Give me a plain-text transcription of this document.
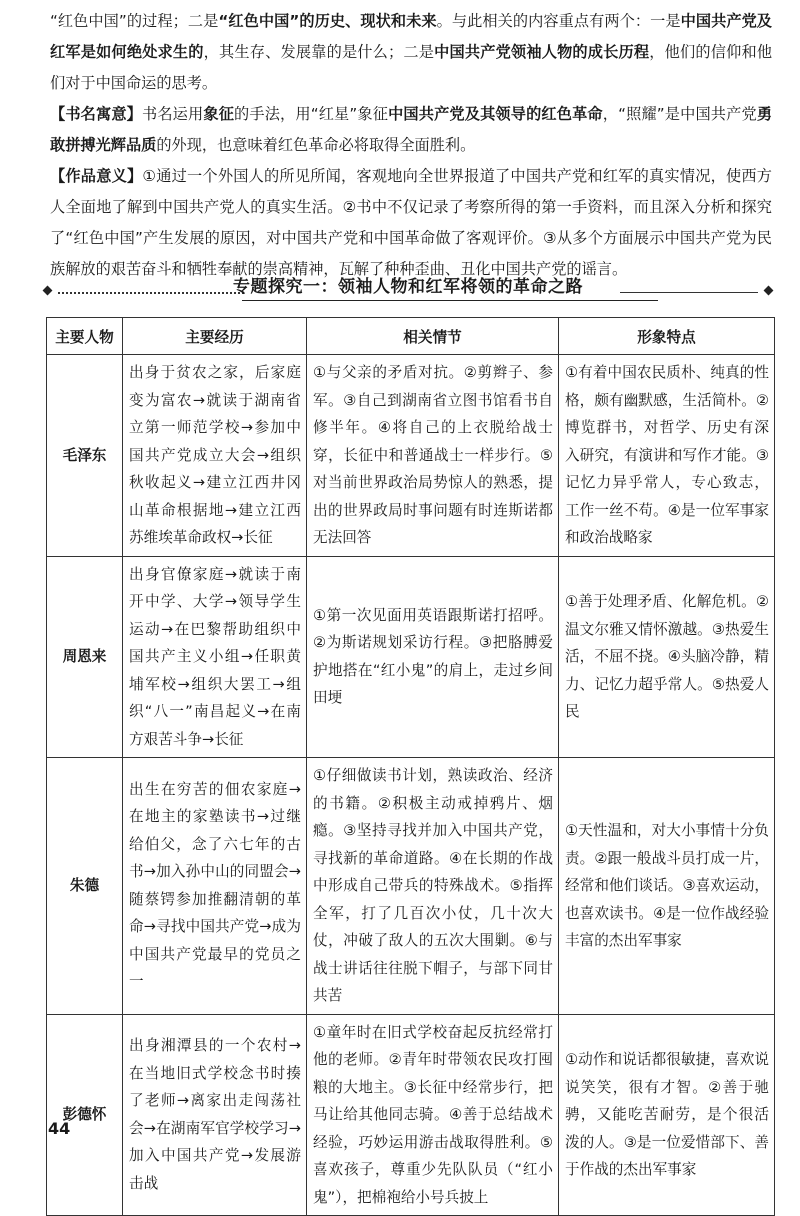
“红色中国”的过程；二是“红色中国”的历史、现状和未来。与此相关的内容重点有两个：一是中国共产党及红军是如何绝处求生的，其生存、发展靠的是什么；二是中国共产党领袖人物的成长历程，他们的信仰和他们对于中国命运的思考。

【书名寓意】书名运用象征的手法，用“红星”象征中国共产党及其领导的红色革命，“照耀”是中国共产党勇敢拼搏光辉品质的外现，也意味着红色革命必将取得全面胜利。

【作品意义】①通过一个外国人的所见所闻，客观地向全世界报道了中国共产党和红军的真实情况，使西方人全面地了解到中国共产党人的真实生活。②书中不仅记录了考察所得的第一手资料，而且深入分析和探究了“红色中国”产生发展的原因，对中国共产党和中国革命做了客观评价。③从多个方面展示中国共产党为民族解放的艰苦奋斗和牺牲奉献的崇高精神，瓦解了种种歪曲、丑化中国共产党的谣言。

专题探究一：领袖人物和红军将领的革命之路
主要人物	主要经历	相关情节	形象特点
毛泽东	出身于贫农之家，后家庭变为富农→就读于湖南省立第一师范学校→参加中国共产党成立大会→组织秋收起义→建立江西井冈山革命根据地→建立江西苏维埃革命政权→长征	①与父亲的矛盾对抗。②剪辫子、参军。③自己到湖南省立图书馆看书自修半年。④将自己的上衣脱给战士穿，长征中和普通战士一样步行。⑤对当前世界政治局势惊人的熟悉，提出的世界政局时事问题有时连斯诺都无法回答	①有着中国农民质朴、纯真的性格，颇有幽默感，生活简朴。②博览群书，对哲学、历史有深入研究，有演讲和写作才能。③记忆力异乎常人，专心致志，工作一丝不苟。④是一位军事家和政治战略家
周恩来	出身官僚家庭→就读于南开中学、大学→领导学生运动→在巴黎帮助组织中国共产主义小组→任职黄埔军校→组织大罢工→组织“八一”南昌起义→在南方艰苦斗争→长征	①第一次见面用英语跟斯诺打招呼。②为斯诺规划采访行程。③把胳膊爱护地搭在“红小鬼”的肩上，走过乡间田埂	①善于处理矛盾、化解危机。②温文尔雅又情怀激越。③热爱生活，不屈不挠。④头脑冷静，精力、记忆力超乎常人。⑤热爱人民
朱德	出生在穷苦的佃农家庭→在地主的家塾读书→过继给伯父，念了六七年的古书→加入孙中山的同盟会→随蔡锷参加推翻清朝的革命→寻找中国共产党→成为中国共产党最早的党员之一	①仔细做读书计划，熟读政治、经济的书籍。②积极主动戒掉鸦片、烟瘾。③坚持寻找并加入中国共产党，寻找新的革命道路。④在长期的作战中形成自己带兵的特殊战术。⑤指挥全军，打了几百次小仗，几十次大仗，冲破了敌人的五次大围剿。⑥与战士讲话往往脱下帽子，与部下同甘共苦	①天性温和，对大小事情十分负责。②跟一般战斗员打成一片，经常和他们谈话。③喜欢运动，也喜欢读书。④是一位作战经验丰富的杰出军事家
彭德怀	出身湘潭县的一个农村→在当地旧式学校念书时揍了老师→离家出走闯荡社会→在湖南军官学校学习→加入中国共产党→发展游击战	①童年时在旧式学校奋起反抗经常打他的老师。②青年时带领农民攻打囤粮的大地主。③长征中经常步行，把马让给其他同志骑。④善于总结战术经验，巧妙运用游击战取得胜利。⑤喜欢孩子，尊重少先队队员（“红小鬼”），把棉袍给小号兵披上	①动作和说话都很敏捷，喜欢说说笑笑，很有才智。②善于驰骋，又能吃苦耐劳，是个很活泼的人。③是一位爱惜部下、善于作战的杰出军事家
44
